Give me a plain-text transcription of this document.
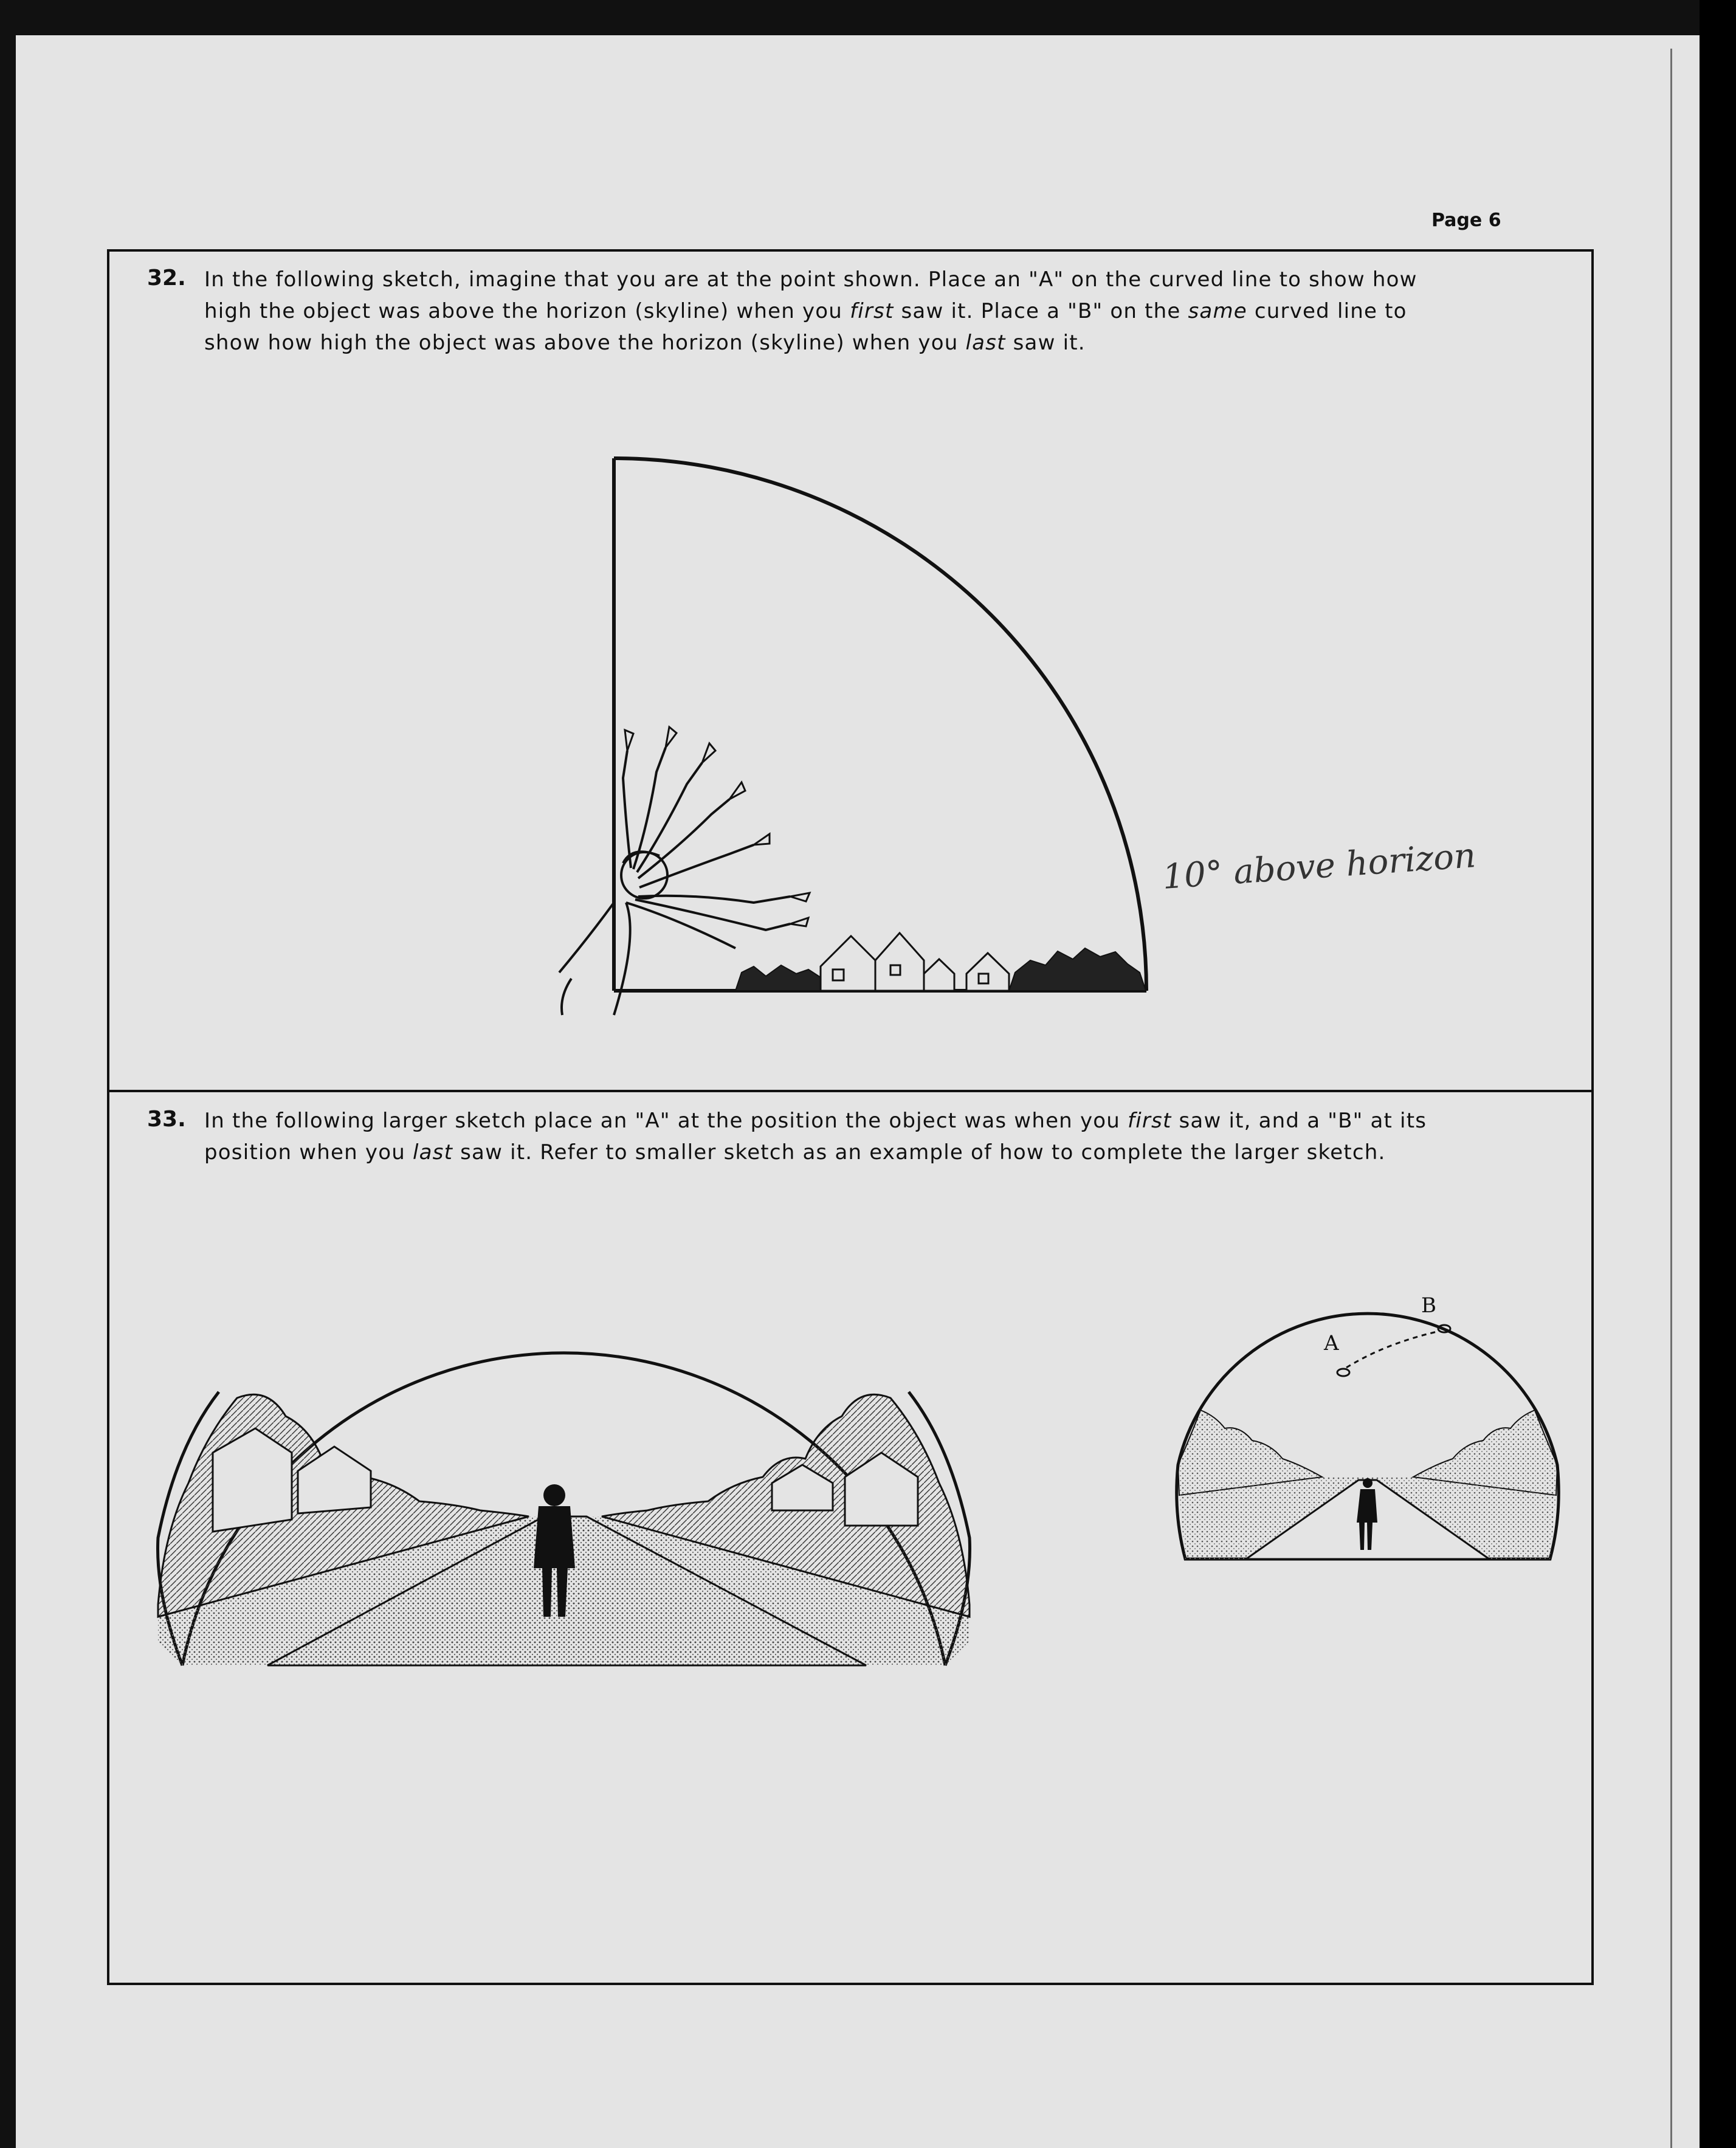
Page 6
32. In the following sketch, imagine that you are at the point shown. Place an "A" on the curved line to show how
high the object was above the horizon (skyline) when you first saw it. Place a "B" on the same curved line to
show how high the object was above the horizon (skyline) when you last saw it.
10° above horizon
33. In the following larger sketch place an "A" at the position the object was when you first saw it, and a "B" at its
position when you last saw it. Refer to smaller sketch as an example of how to complete the larger sketch.
A
B
